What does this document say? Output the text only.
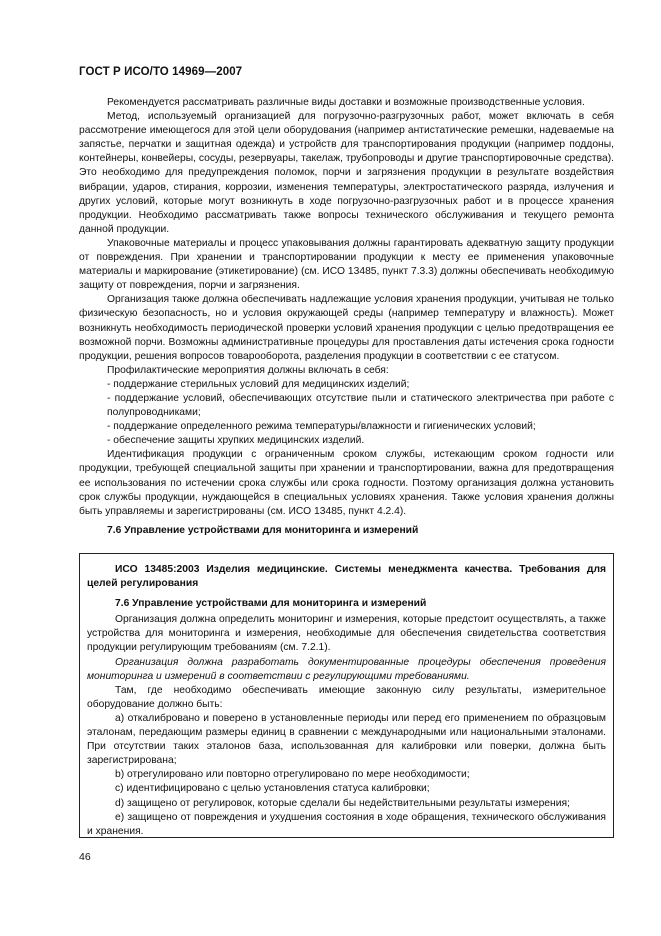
ГОСТ Р ИСО/ТО 14969—2007

Рекомендуется рассматривать различные виды доставки и возможные производственные условия.

Метод, используемый организацией для погрузочно-разгрузочных работ, может включать в себя рассмотрение имеющегося для этой цели оборудования (например антистатические ремешки, надеваемые на запястье, перчатки и защитная одежда) и устройств для транспортирования продукции (например поддоны, контейнеры, конвейеры, сосуды, резервуары, такелаж, трубопроводы и другие транспортировочные средства). Это необходимо для предупреждения поломок, порчи и загрязнения продукции в результате воздействия вибрации, ударов, стирания, коррозии, изменения температуры, электростатического разряда, излучения и других условий, которые могут возникнуть в ходе погрузочно-разгрузочных работ и в процессе хранения продукции. Необходимо рассматривать также вопросы технического обслуживания и текущего ремонта данной продукции.

Упаковочные материалы и процесс упаковывания должны гарантировать адекватную защиту продукции от повреждения. При хранении и транспортировании продукции к месту ее применения упаковочные материалы и маркирование (этикетирование) (см. ИСО 13485, пункт 7.3.3) должны обеспечивать необходимую защиту от повреждения, порчи и загрязнения.

Организация также должна обеспечивать надлежащие условия хранения продукции, учитывая не только физическую безопасность, но и условия окружающей среды (например температуру и влажность). Может возникнуть необходимость периодической проверки условий хранения продукции с целью предотвращения ее возможной порчи. Возможны административные процедуры для проставления даты истечения срока годности продукции, решения вопросов товарооборота, разделения продукции в соответствии с ее статусом.

Профилактические мероприятия должны включать в себя:

- поддержание стерильных условий для медицинских изделий;

- поддержание условий, обеспечивающих отсутствие пыли и статического электричества при работе с полупроводниками;

- поддержание определенного режима температуры/влажности и гигиенических условий;

- обеспечение защиты хрупких медицинских изделий.

Идентификация продукции с ограниченным сроком службы, истекающим сроком годности или продукции, требующей специальной защиты при хранении и транспортировании, важна для предотвращения ее использования по истечении срока службы или срока годности. Поэтому организация должна установить срок службы продукции, нуждающейся в специальных условиях хранения. Также условия хранения должны быть управляемы и зарегистрированы (см. ИСО 13485, пункт 4.2.4).

7.6 Управление устройствами для мониторинга и измерений

ИСО 13485:2003 Изделия медицинские. Системы менеджмента качества. Требования для целей регулирования

7.6 Управление устройствами для мониторинга и измерений

Организация должна определить мониторинг и измерения, которые предстоит осуществлять, а также устройства для мониторинга и измерения, необходимые для обеспечения свидетельства соответствия продукции регулирующим требованиям (см. 7.2.1).

Организация должна разработать документированные процедуры обеспечения проведения мониторинга и измерений в соответствии с регулирующими требованиями.

Там, где необходимо обеспечивать имеющие законную силу результаты, измерительное оборудование должно быть:

a) откалибровано и поверено в установленные периоды или перед его применением по образцовым эталонам, передающим размеры единиц в сравнении с международными или национальными эталонами. При отсутствии таких эталонов база, использованная для калибровки или поверки, должна быть зарегистрирована;

b) отрегулировано или повторно отрегулировано по мере необходимости;

c) идентифицировано с целью установления статуса калибровки;

d) защищено от регулировок, которые сделали бы недействительными результаты измерения;

e) защищено от повреждения и ухудшения состояния в ходе обращения, технического обслуживания и хранения.

46
